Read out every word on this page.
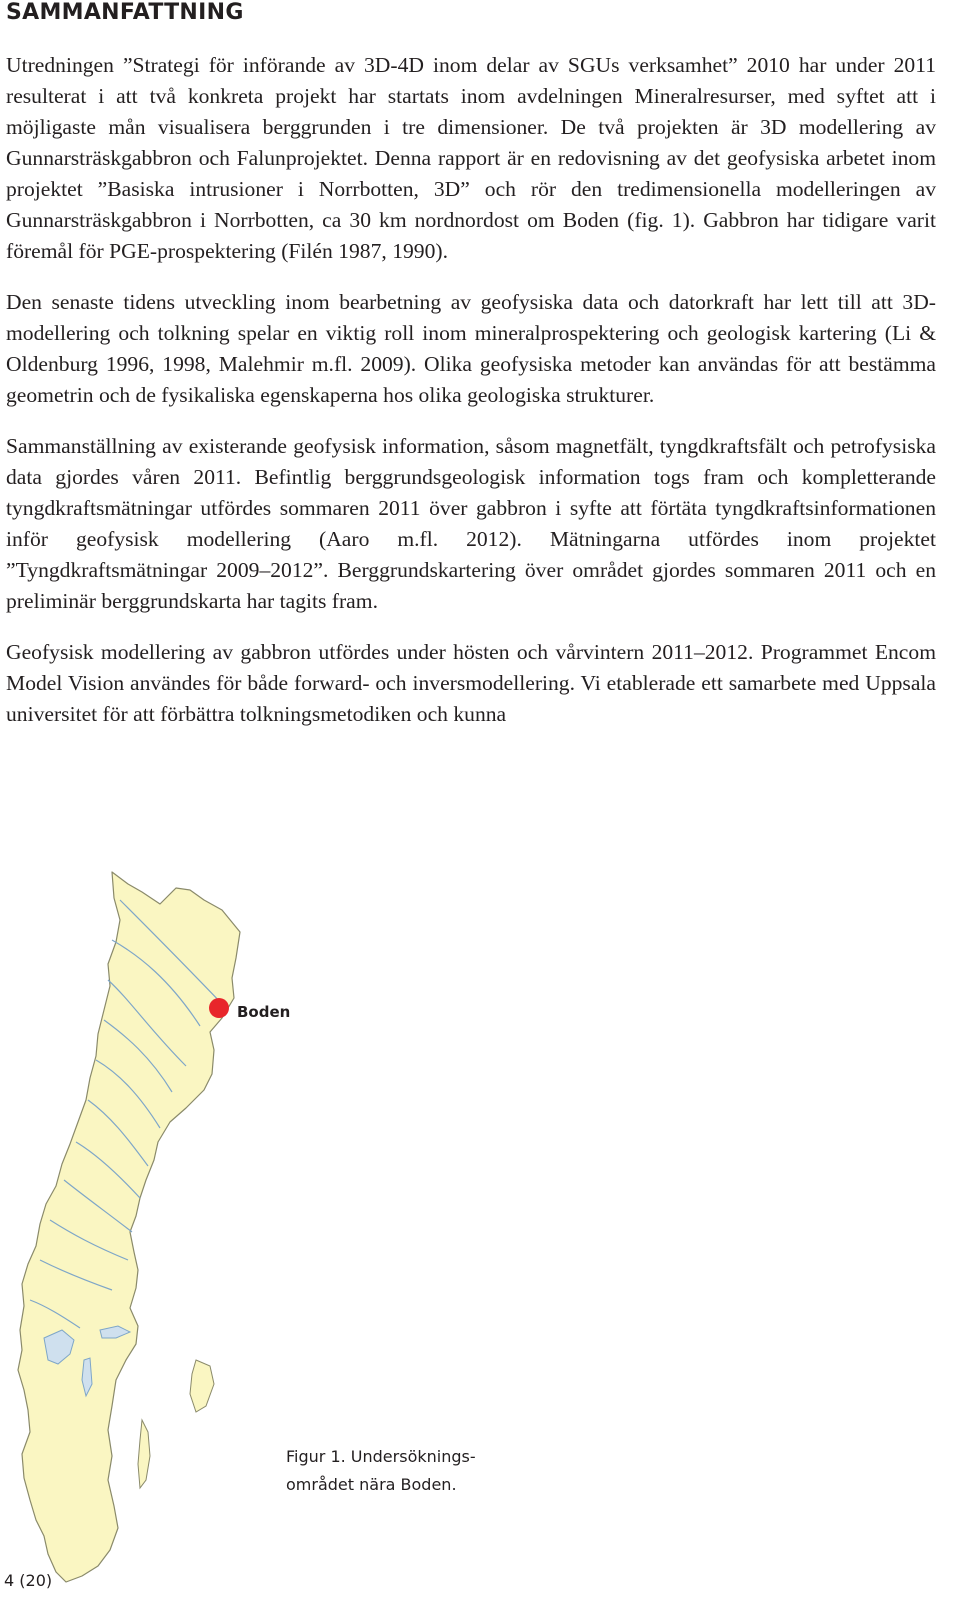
SAMMANFATTNING

Utredningen ”Strategi för införande av 3D-4D inom delar av SGUs verksamhet” 2010 har under 2011 resulterat i att två konkreta projekt har startats inom avdelningen Mineralresurser, med syftet att i möjligaste mån visualisera berggrunden i tre dimensioner. De två projekten är 3D modellering av Gunnarsträskgabbron och Falunprojektet. Denna rapport är en redovisning av det geofysiska arbetet inom projektet ”Basiska intrusioner i Norrbotten, 3D” och rör den tredimensionella modelleringen av Gunnarsträskgabbron i Norrbotten, ca 30 km nordnordost om Boden (fig. 1). Gabbron har tidigare varit föremål för PGE-prospektering (Filén 1987, 1990).

Den senaste tidens utveckling inom bearbetning av geofysiska data och datorkraft har lett till att 3D-modellering och tolkning spelar en viktig roll inom mineralprospektering och geologisk kartering (Li & Oldenburg 1996, 1998, Malehmir m.fl. 2009). Olika geofysiska metoder kan användas för att bestämma geometrin och de fysikaliska egenskaperna hos olika geologiska strukturer.

Sammanställning av existerande geofysisk information, såsom magnetfält, tyngdkraftsfält och petrofysiska data gjordes våren 2011. Befintlig berggrundsgeologisk information togs fram och kompletterande tyngdkraftsmätningar utfördes sommaren 2011 över gabbron i syfte att förtäta tyngdkraftsinformationen inför geofysisk modellering (Aaro m.fl. 2012). Mätningarna utfördes inom projektet ”Tyngdkraftsmätningar 2009–2012”. Berggrundskartering över området gjordes sommaren 2011 och en preliminär berggrundskarta har tagits fram.

Geofysisk modellering av gabbron utfördes under hösten och vårvintern 2011–2012. Programmet Encom Model Vision användes för både forward- och inversmodellering. Vi etablerade ett samarbete med Uppsala universitet för att förbättra tolkningsmetodiken och kunna

Boden
Figur 1. Undersöknings-
området nära Boden.
4 (20)
